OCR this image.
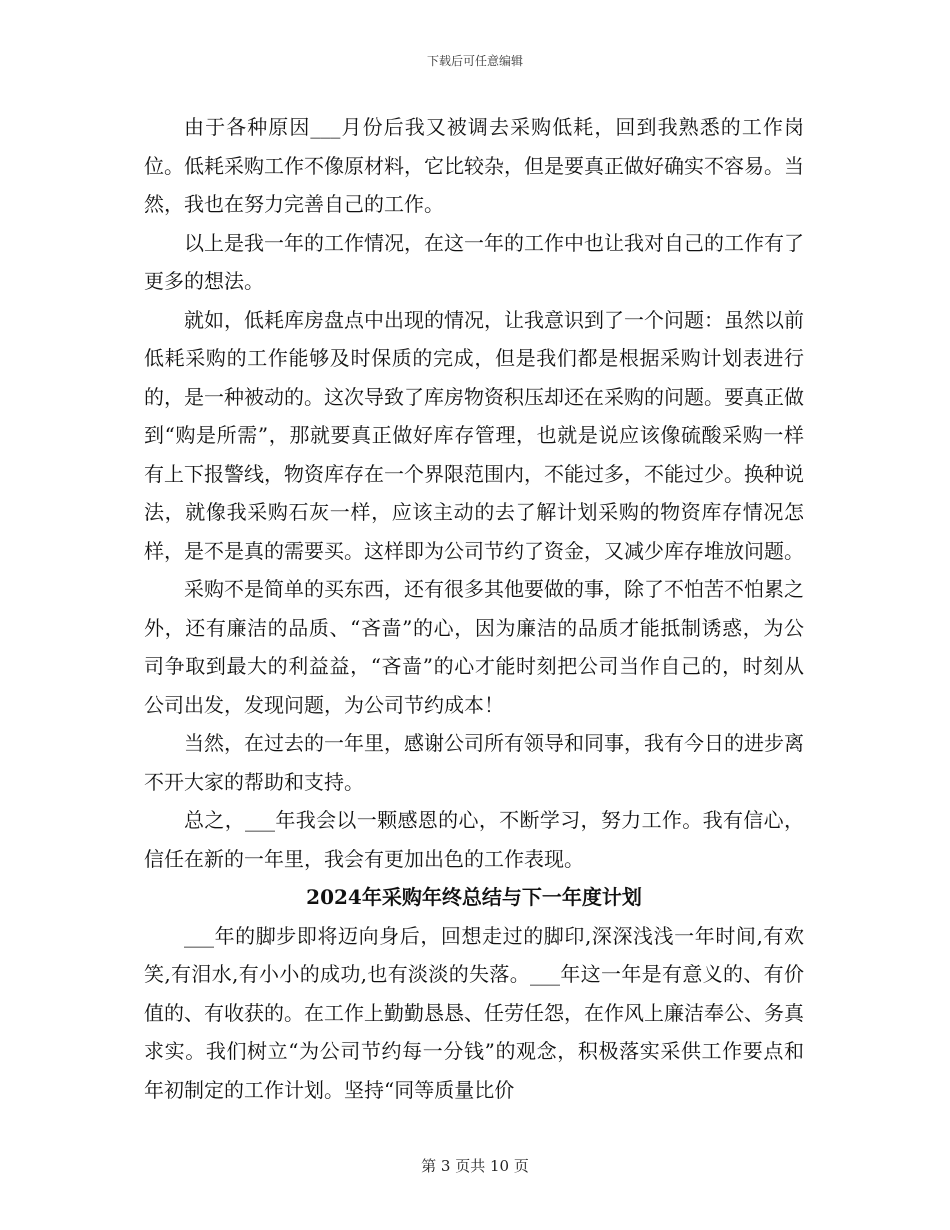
下载后可任意编辑

由于各种原因___月份后我又被调去采购低耗，回到我熟悉的工作岗位。低耗采购工作不像原材料，它比较杂，但是要真正做好确实不容易。当然，我也在努力完善自己的工作。

以上是我一年的工作情况，在这一年的工作中也让我对自己的工作有了更多的想法。

就如，低耗库房盘点中出现的情况，让我意识到了一个问题：虽然以前低耗采购的工作能够及时保质的完成，但是我们都是根据采购计划表进行的，是一种被动的。这次导致了库房物资积压却还在采购的问题。要真正做到“购是所需”，那就要真正做好库存管理，也就是说应该像硫酸采购一样有上下报警线，物资库存在一个界限范围内，不能过多，不能过少。换种说法，就像我采购石灰一样，应该主动的去了解计划采购的物资库存情况怎样，是不是真的需要买。这样即为公司节约了资金，又减少库存堆放问题。

采购不是简单的买东西，还有很多其他要做的事，除了不怕苦不怕累之外，还有廉洁的品质、“吝啬”的心，因为廉洁的品质才能抵制诱惑，为公司争取到最大的利益益，“吝啬”的心才能时刻把公司当作自己的，时刻从公司出发，发现问题，为公司节约成本！

当然，在过去的一年里，感谢公司所有领导和同事，我有今日的进步离不开大家的帮助和支持。

总之，___年我会以一颗感恩的心，不断学习，努力工作。我有信心，信任在新的一年里，我会有更加出色的工作表现。

2024年采购年终总结与下一年度计划

___年的脚步即将迈向身后，回想走过的脚印,深深浅浅一年时间,有欢笑,有泪水,有小小的成功,也有淡淡的失落。___年这一年是有意义的、有价值的、有收获的。在工作上勤勤恳恳、任劳任怨，在作风上廉洁奉公、务真求实。我们树立“为公司节约每一分钱”的观念，积极落实采供工作要点和年初制定的工作计划。坚持“同等质量比价

第 3 页共 10 页
